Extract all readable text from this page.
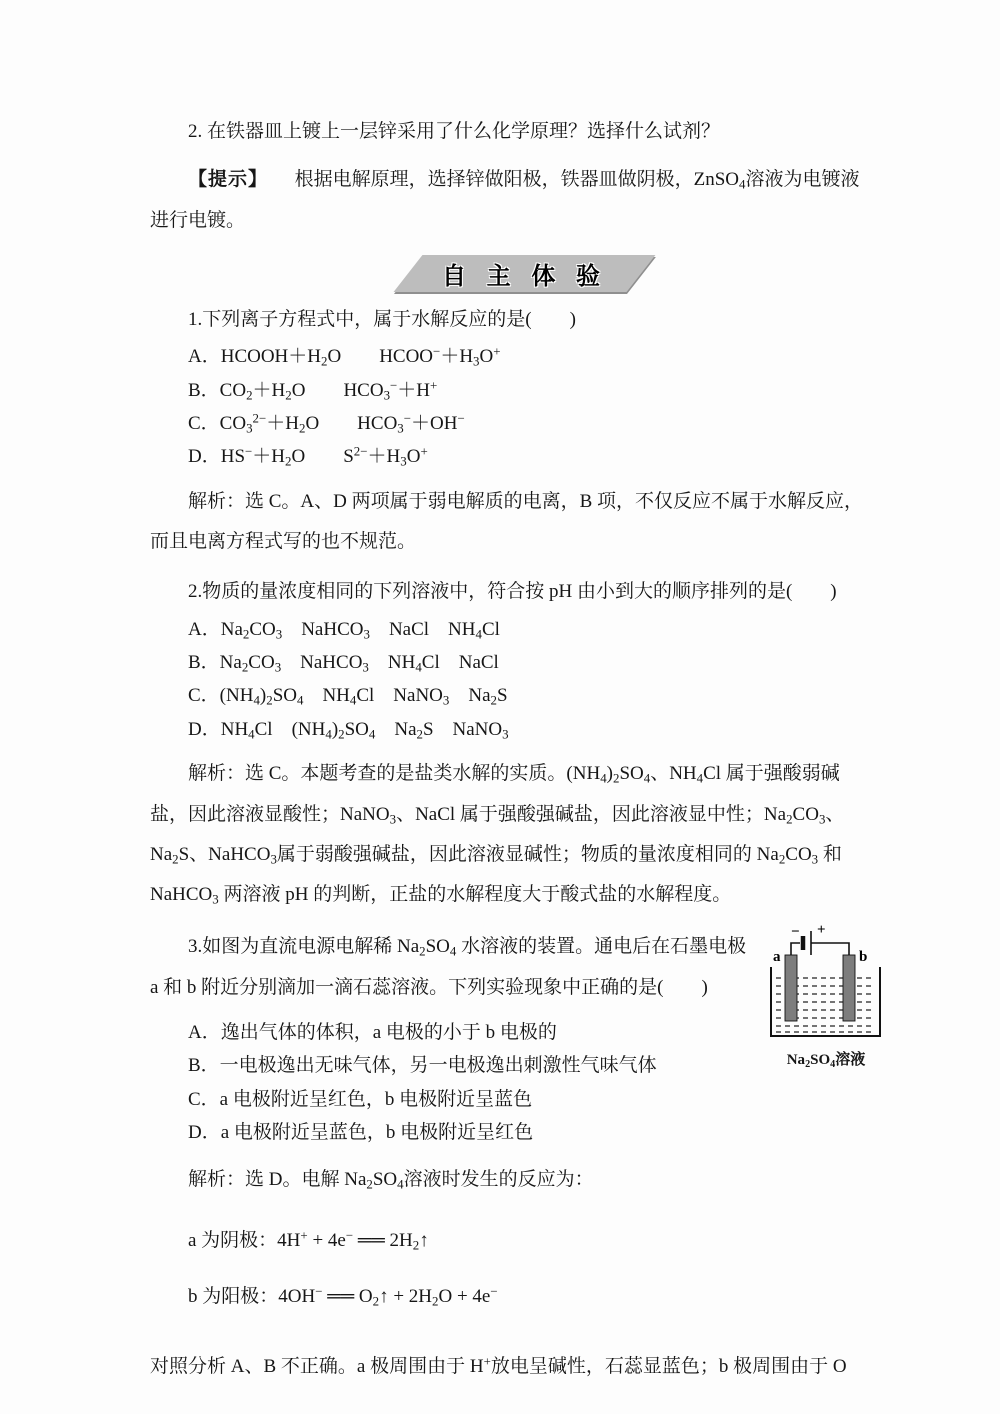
2. 在铁器皿上镀上一层锌采用了什么化学原理？选择什么试剂？

【提示】 根据电解原理，选择锌做阳极，铁器皿做阴极，ZnSO$_4$溶液为电镀液进行电镀。

自 主 体 验

1.下列离子方程式中，属于水解反应的是(　　)

A．$HCOOH+H_2O$　　$HCOO^-+H_3O^+$

B．$CO_2+H_2O$　　$HCO_3^-+H^+$

C．$CO_3^{2-}+H_2O$　　$HCO_3^-+OH^-$

D．$HS^-+H_2O$　　$S^{2-}+H_3O^+$

解析：选 C。A、D 两项属于弱电解质的电离，B 项，不仅反应不属于水解反应，而且电离方程式写的也不规范。

2.物质的量浓度相同的下列溶液中，符合按 pH 由小到大的顺序排列的是(　　)

A．$Na_2CO_3$　NaHCO$_3$　NaCl　$NH_4Cl$

B．$Na_2CO_3$　NaHCO$_3$　$NH_4Cl$　NaCl

C．$(NH_4)_2SO_4$　$NH_4Cl$　NaNO$_3$　$Na_2S$

D．$NH_4Cl$　$(NH_4)_2SO_4$　$Na_2S$　NaNO$_3$

解析：选 C。本题考查的是盐类水解的实质。$(NH_4)_2SO_4$、$NH_4Cl$ 属于强酸弱碱盐，因此溶液显酸性；NaNO$_3$、NaCl 属于强酸强碱盐，因此溶液显中性；$Na_2CO_3$、$Na_2S$、NaHCO$_3$属于弱酸强碱盐，因此溶液显碱性；物质的量浓度相同的 $Na_2CO_3$ 和 NaHCO$_3$ 两溶液 pH 的判断，正盐的水解程度大于酸式盐的水解程度。

− +
a	b
$Na_2SO_4$溶液

3.如图为直流电源电解稀 $Na_2SO_4$ 水溶液的装置。通电后在石墨电极 a 和 b 附近分别滴加一滴石蕊溶液。下列实验现象中正确的是(　　)

A．逸出气体的体积，a 电极的小于 b 电极的

B．一电极逸出无味气体，另一电极逸出刺激性气味气体

C．a 电极附近呈红色，b 电极附近呈蓝色

D．a 电极附近呈蓝色，b 电极附近呈红色

解析：选 D。电解 $Na_2SO_4$溶液时发生的反应为：

a 为阴极：4H+ + 4e− ══ $2H_2↑$

b 为阳极：4OH− ══ $O_2↑ + 2H_2O + 4e^-$

对照分析 A、B 不正确。a 极周围由于 H+放电呈碱性，石蕊显蓝色；b 极周围由于 O
